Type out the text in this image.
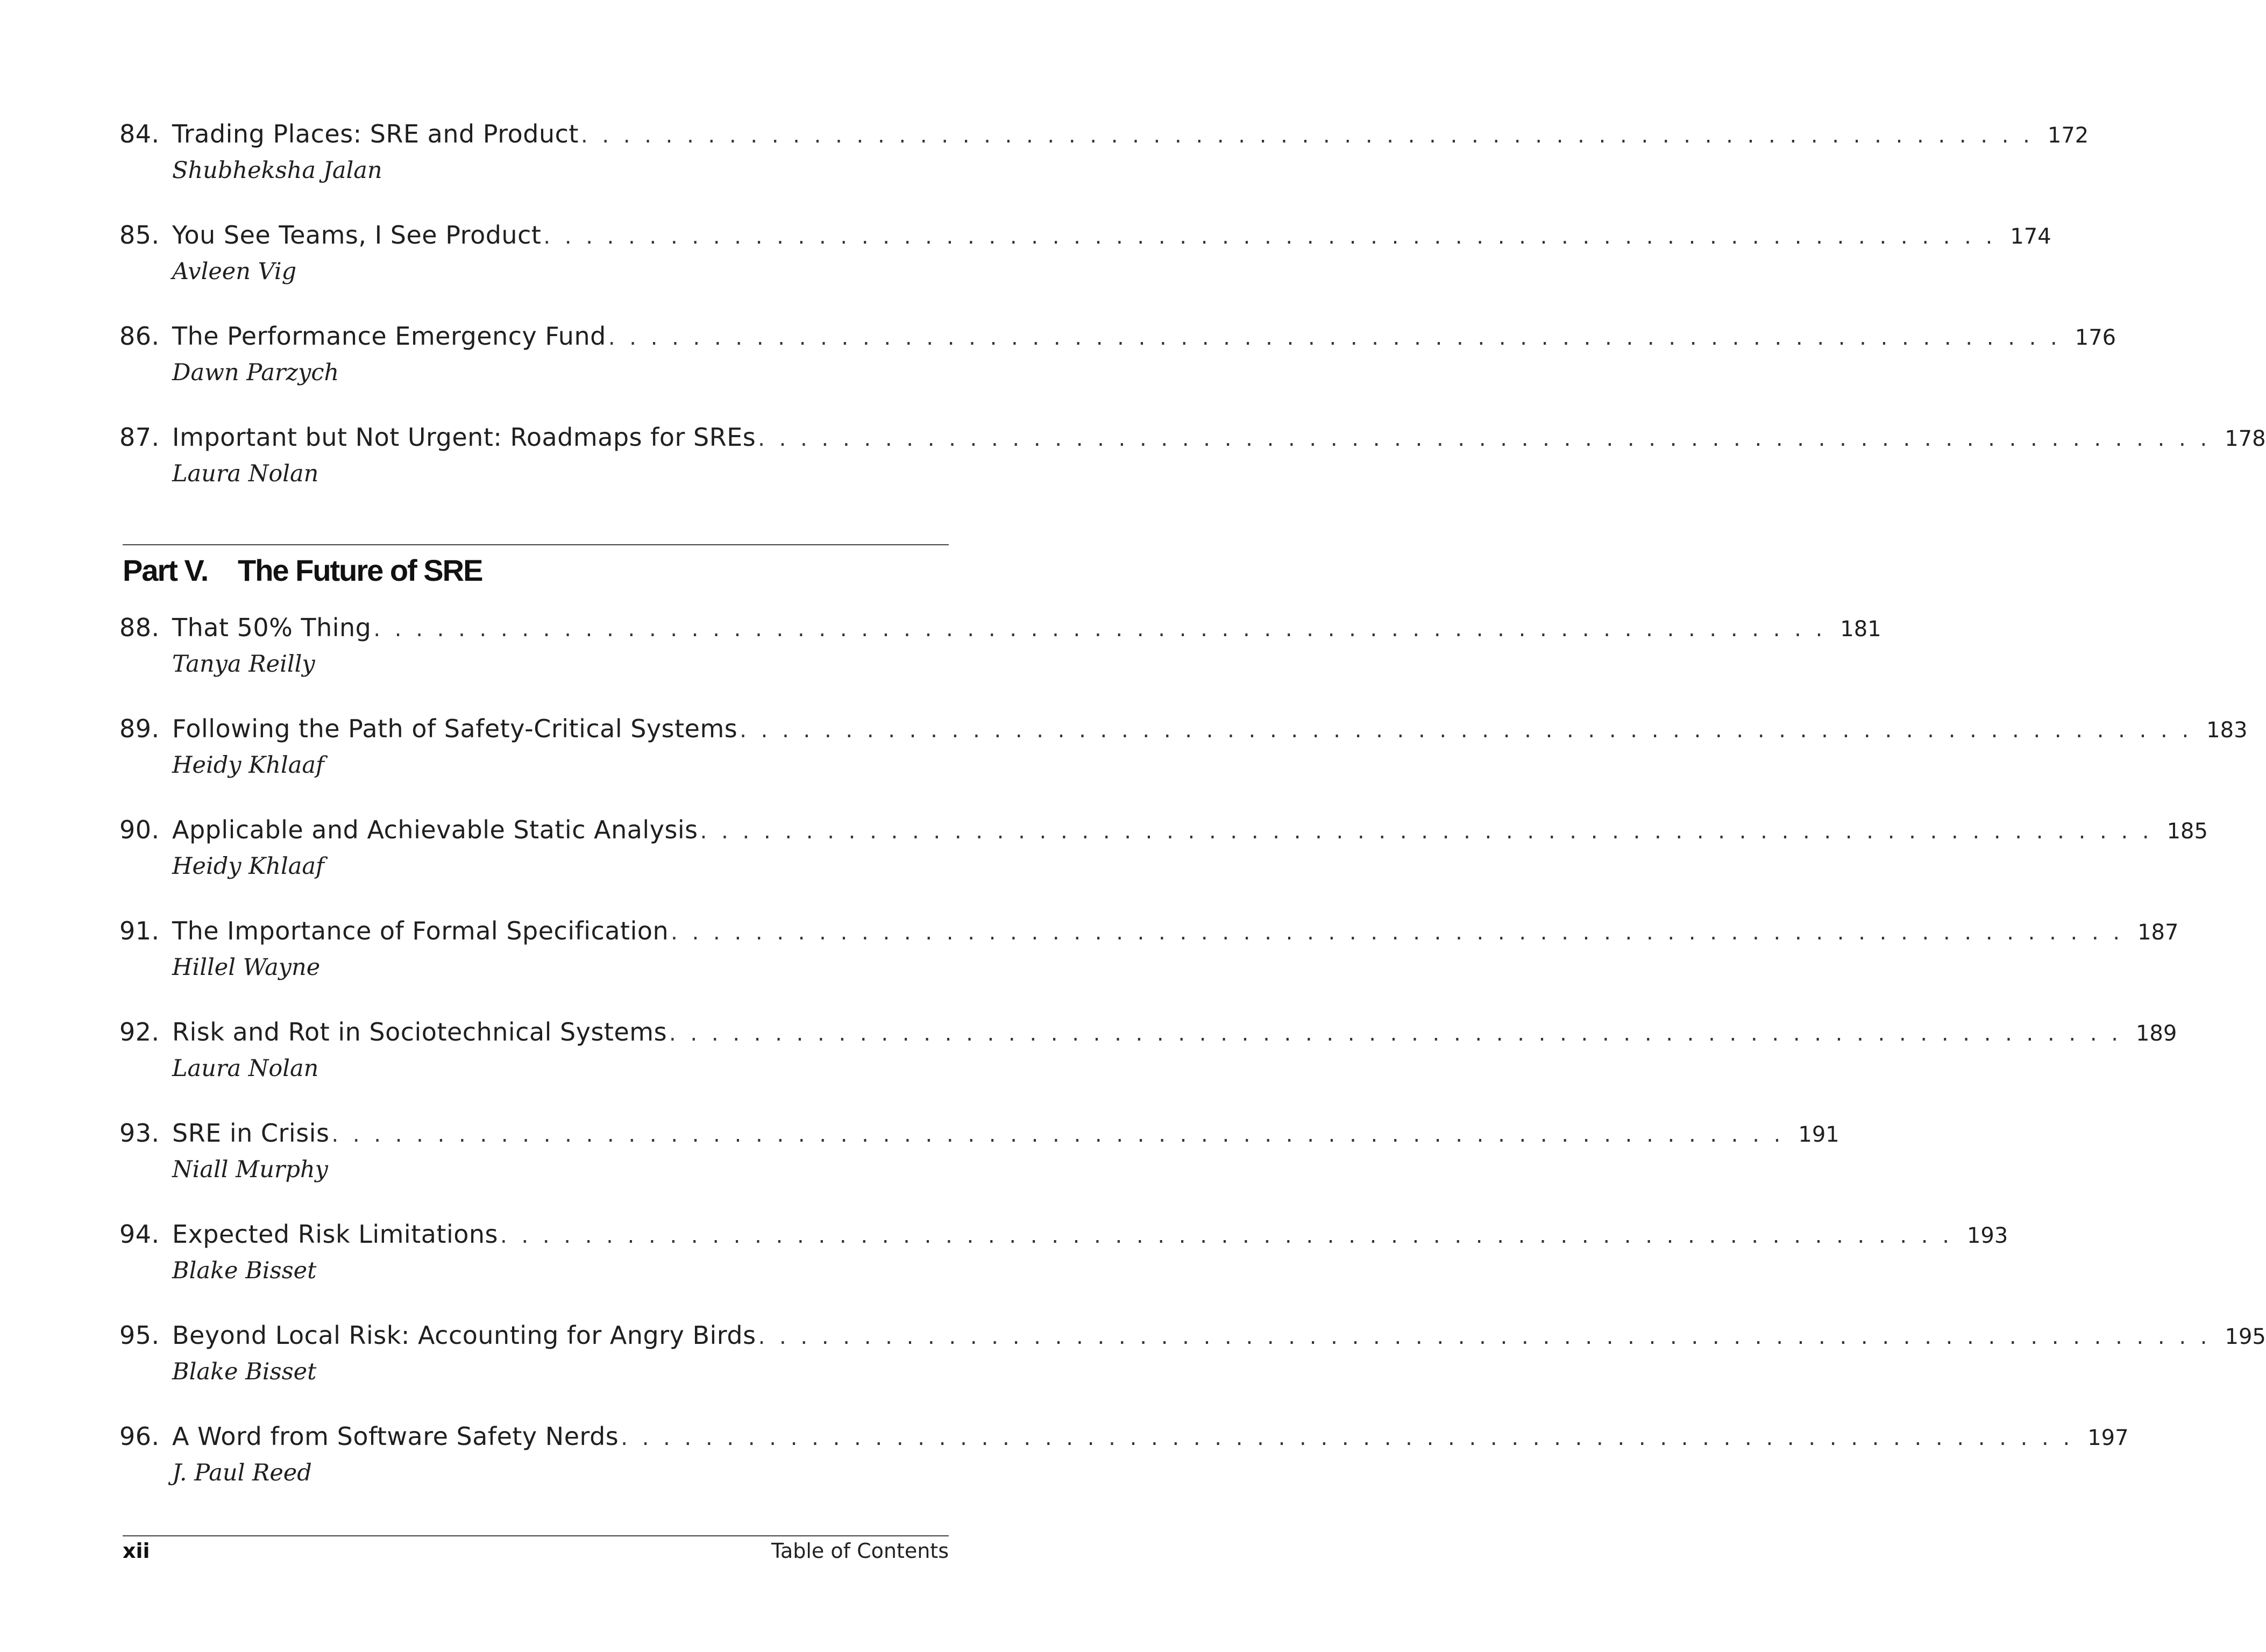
84. Trading Places: SRE and Product . . . . . . . . . . . . . . . . . . . . . . . . . . . . . . . . . . . . . . . . . . . . . . . . . . . . . . . . . . . . . . . . . . . . . 172
Shubheksha Jalan
85. You See Teams, I See Product . . . . . . . . . . . . . . . . . . . . . . . . . . . . . . . . . . . . . . . . . . . . . . . . . . . . . . . . . . . . . . . . . . . . . 174
Avleen Vig
86. The Performance Emergency Fund . . . . . . . . . . . . . . . . . . . . . . . . . . . . . . . . . . . . . . . . . . . . . . . . . . . . . . . . . . . . . . . . . . . . . 176
Dawn Parzych
87. Important but Not Urgent: Roadmaps for SREs . . . . . . . . . . . . . . . . . . . . . . . . . . . . . . . . . . . . . . . . . . . . . . . . . . . . . . . . . . . . . . . . . . . . . 178
Laura Nolan
Part V. The Future of SRE
88. That 50% Thing . . . . . . . . . . . . . . . . . . . . . . . . . . . . . . . . . . . . . . . . . . . . . . . . . . . . . . . . . . . . . . . . . . . . . 181
Tanya Reilly
89. Following the Path of Safety-Critical Systems . . . . . . . . . . . . . . . . . . . . . . . . . . . . . . . . . . . . . . . . . . . . . . . . . . . . . . . . . . . . . . . . . . . . . 183
Heidy Khlaaf
90. Applicable and Achievable Static Analysis . . . . . . . . . . . . . . . . . . . . . . . . . . . . . . . . . . . . . . . . . . . . . . . . . . . . . . . . . . . . . . . . . . . . . 185
Heidy Khlaaf
91. The Importance of Formal Specification . . . . . . . . . . . . . . . . . . . . . . . . . . . . . . . . . . . . . . . . . . . . . . . . . . . . . . . . . . . . . . . . . . . . . 187
Hillel Wayne
92. Risk and Rot in Sociotechnical Systems . . . . . . . . . . . . . . . . . . . . . . . . . . . . . . . . . . . . . . . . . . . . . . . . . . . . . . . . . . . . . . . . . . . . . 189
Laura Nolan
93. SRE in Crisis . . . . . . . . . . . . . . . . . . . . . . . . . . . . . . . . . . . . . . . . . . . . . . . . . . . . . . . . . . . . . . . . . . . . . 191
Niall Murphy
94. Expected Risk Limitations . . . . . . . . . . . . . . . . . . . . . . . . . . . . . . . . . . . . . . . . . . . . . . . . . . . . . . . . . . . . . . . . . . . . . 193
Blake Bisset
95. Beyond Local Risk: Accounting for Angry Birds . . . . . . . . . . . . . . . . . . . . . . . . . . . . . . . . . . . . . . . . . . . . . . . . . . . . . . . . . . . . . . . . . . . . . 195
Blake Bisset
96. A Word from Software Safety Nerds . . . . . . . . . . . . . . . . . . . . . . . . . . . . . . . . . . . . . . . . . . . . . . . . . . . . . . . . . . . . . . . . . . . . . 197
J. Paul Reed
xii	Table of Contents
